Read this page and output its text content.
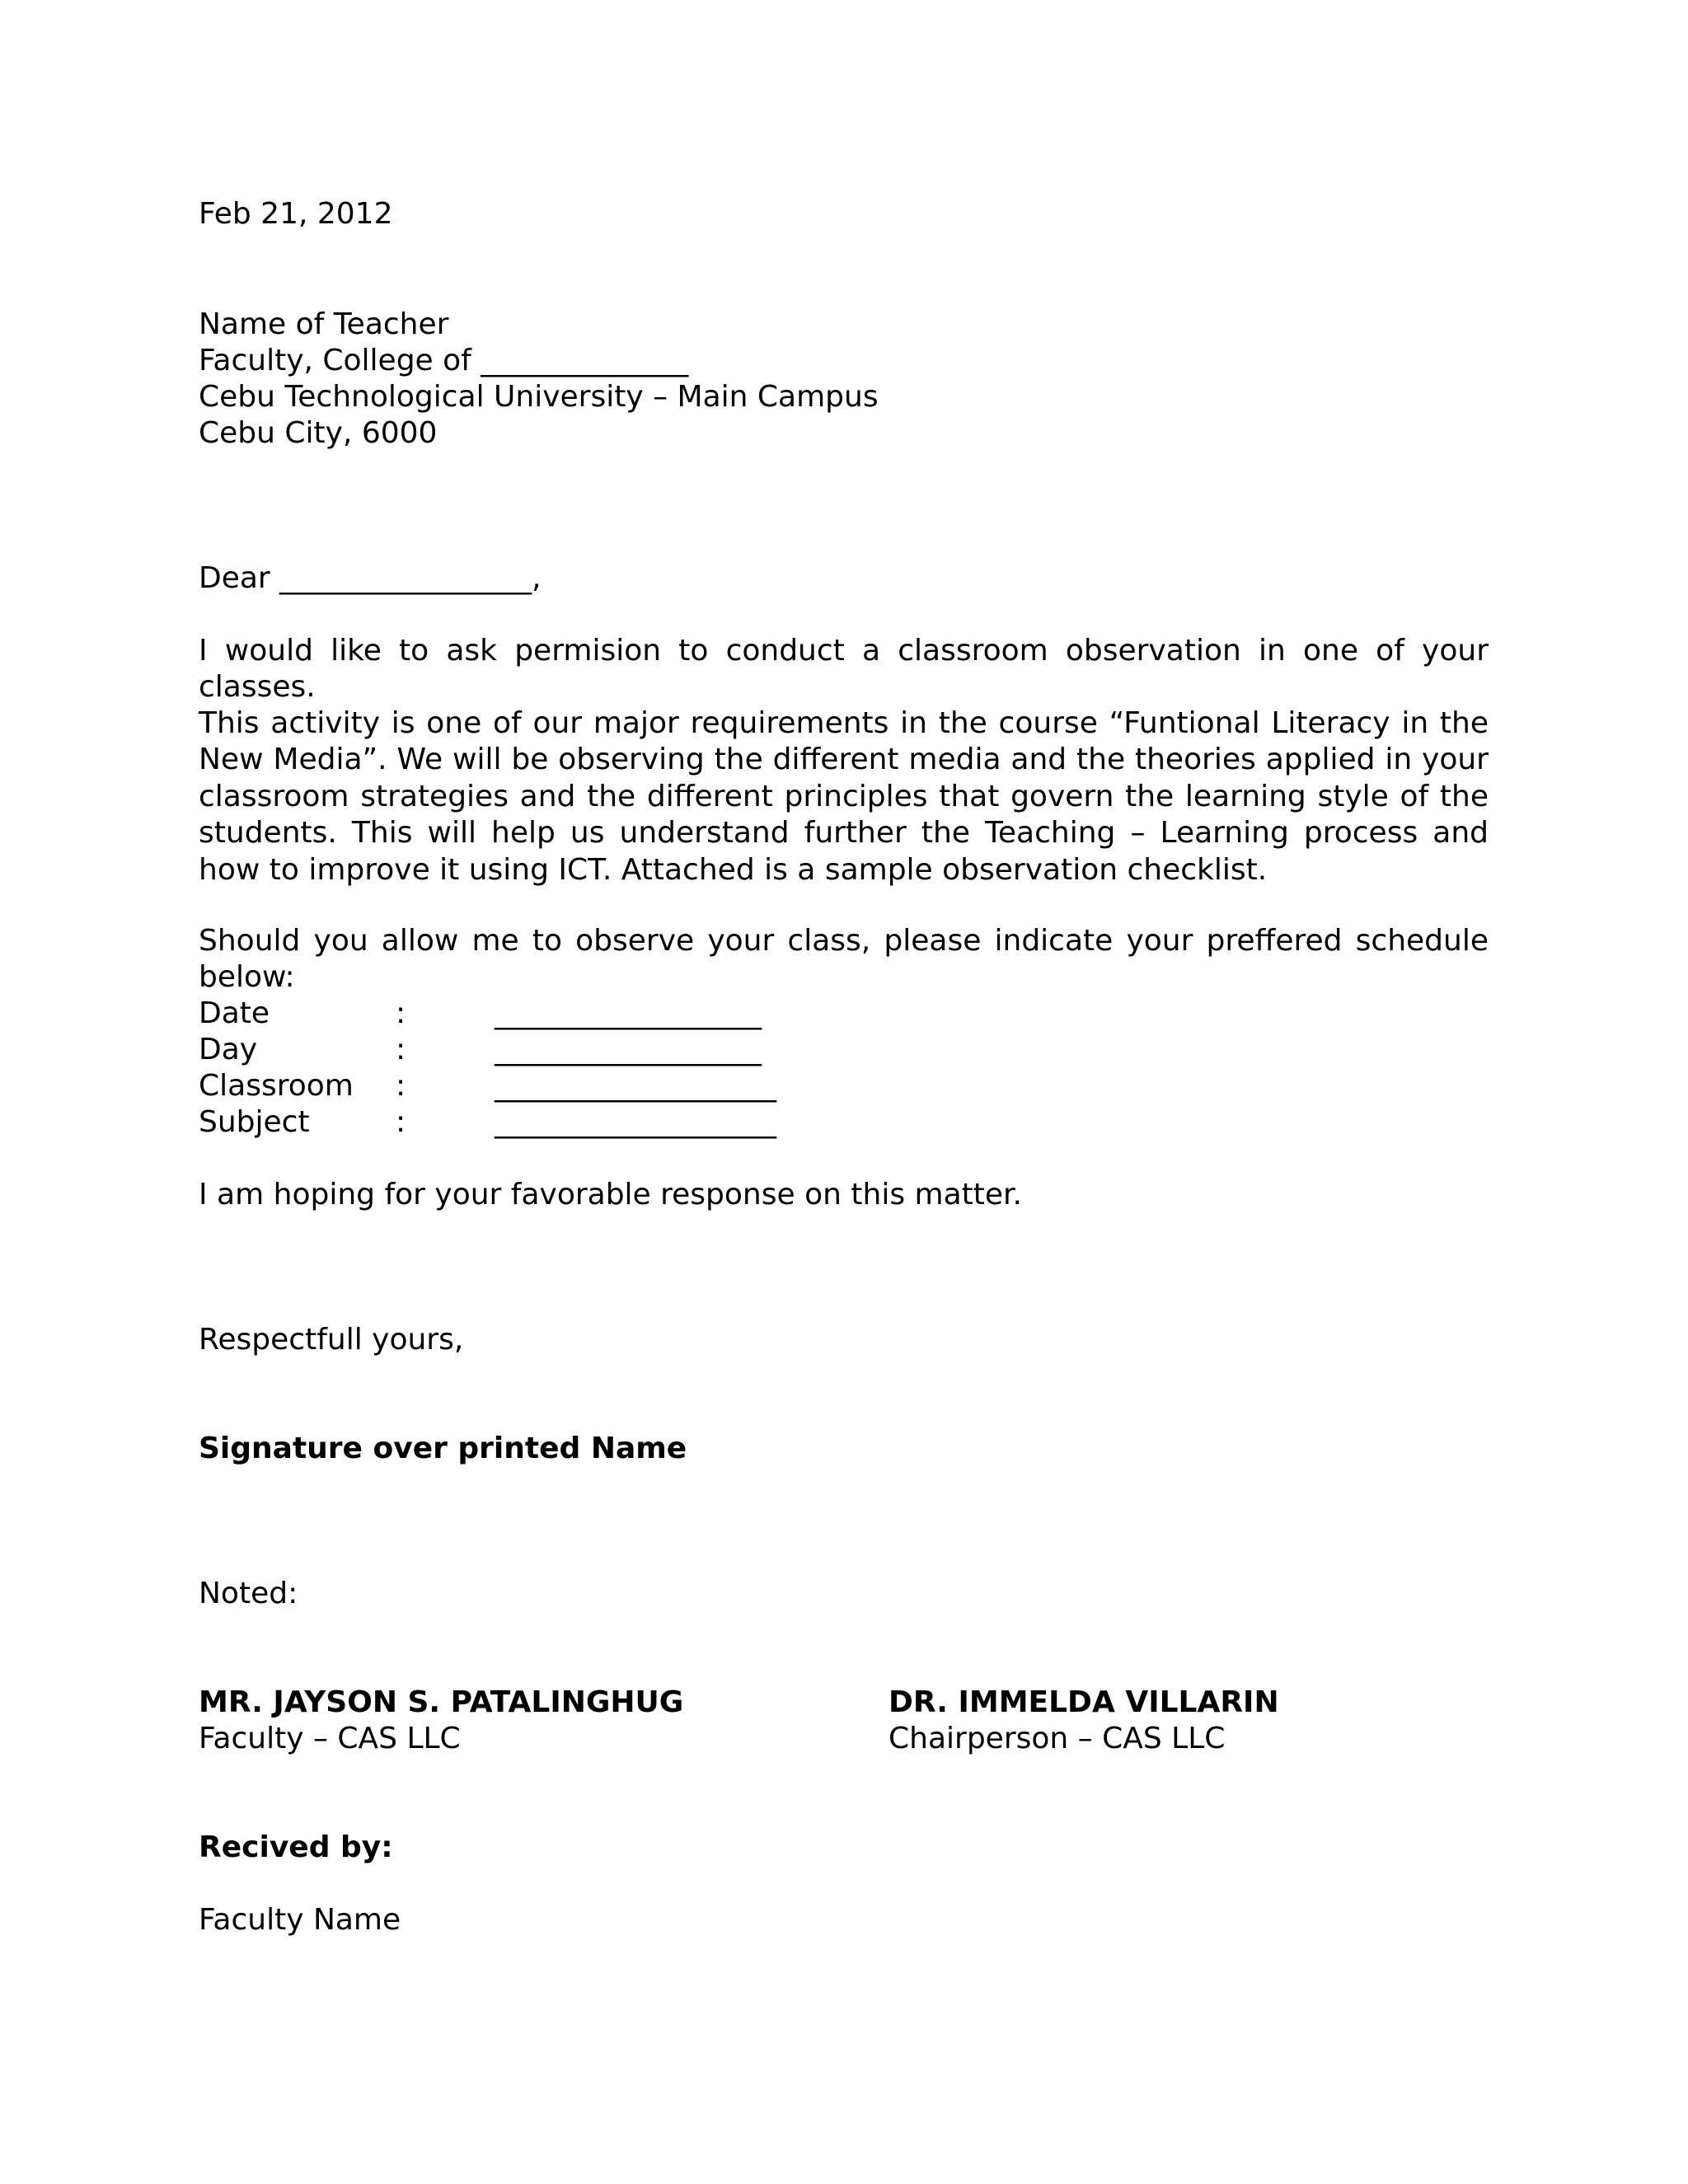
Feb 21, 2012
Name of Teacher
Faculty, College of ______________
Cebu Technological University – Main Campus
Cebu City, 6000
Dear _________________,
I would like to ask permision to conduct a classroom observation in one of your classes.
This activity is one of our major requirements in the course “Funtional Literacy in the New Media”. We will be observing the different media and the theories applied in your classroom strategies and the different principles that govern the learning style of the students. This will help us understand further the Teaching – Learning process and how to improve it using ICT. Attached is a sample observation checklist.
Should you allow me to observe your class, please indicate your preffered schedule below:
Date	:	__________________
Day	:	__________________
Classroom :	___________________
Subject	:	___________________
I am hoping for your favorable response on this matter.
Respectfull yours,
Signature over printed Name
Noted:
MR. JAYSON S. PATALINGHUG
Faculty – CAS LLC
DR. IMMELDA VILLARIN
Chairperson – CAS LLC
Recived by:
Faculty Name
